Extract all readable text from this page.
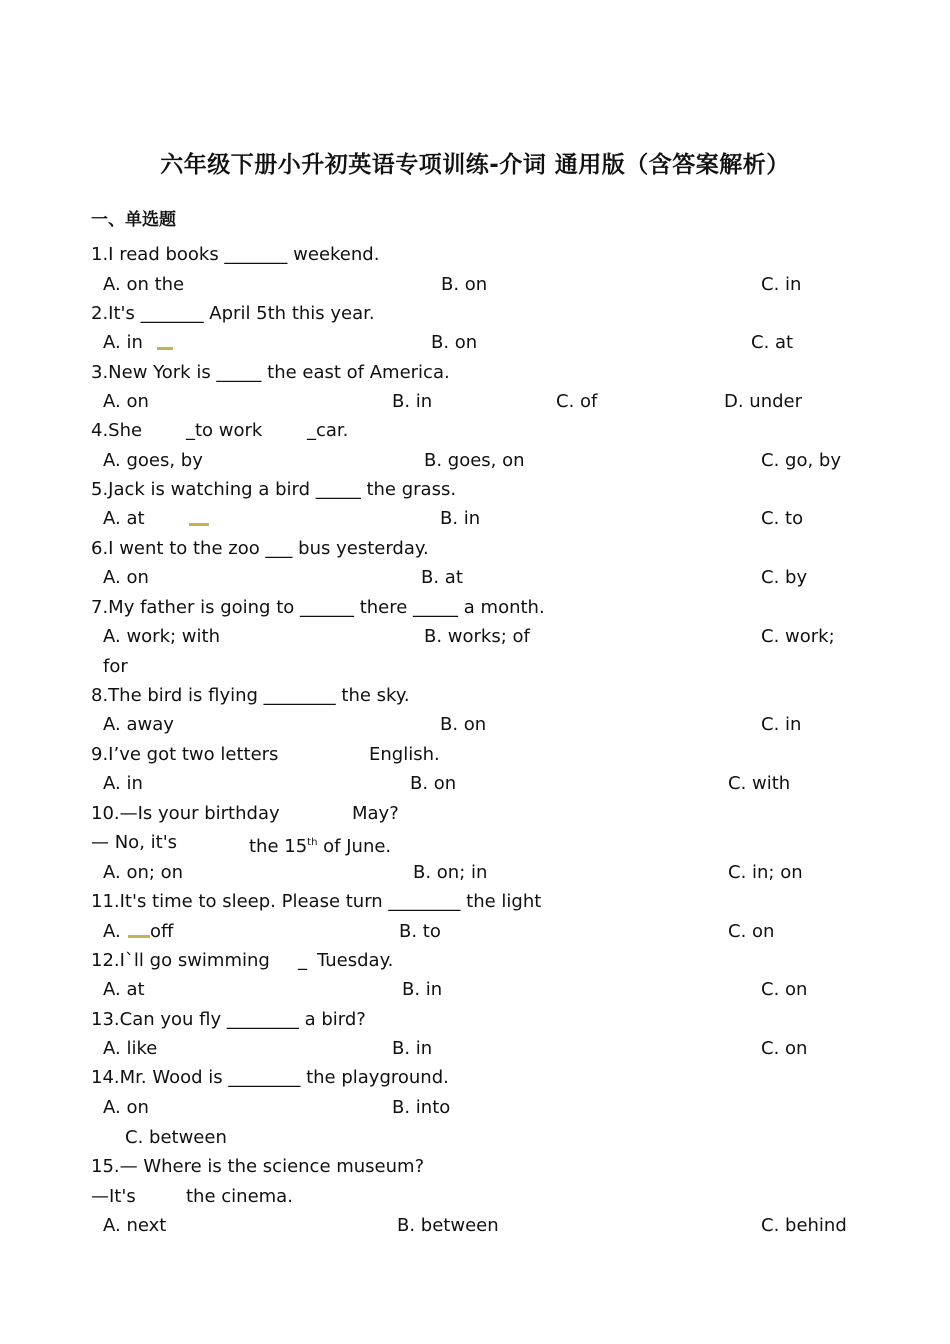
六年级下册小升初英语专项训练-介词 通用版（含答案解析）
一、单选题
1.I read books _______ weekend.
A. on the	B. on	C. in
2.It's _______ April 5th this year.
A. in	B. on	C. at
3.New York is _____ the east of America.
A. on	B. in	C. of	D. under
4.She _to work _car.
A. goes, by	B. goes, on	C. go, by
5.Jack is watching a bird _____ the grass.
A. at	B. in	C. to
6.I went to the zoo ___ bus yesterday.
A. on	B. at	C. by
7.My father is going to ______ there _____ a month.
A. work; with	B. works; of	C. work;
for
8.The bird is flying ________ the sky.
A. away	B. on	C. in
9.I’ve got two letters	English.
A. in	B. on	C. with
10.—Is your birthday	May?
— No, it's	the 15th of June.
A. on; on	B. on; in	C. in; on
11.It's time to sleep. Please turn ________ the light
A. off	B. to	C. on
12.I`ll go swimming _ Tuesday.
A. at	B. in	C. on
13.Can you fly ________ a bird?
A. like	B. in	C. on
14.Mr. Wood is ________ the playground.
A. on	B. into
C. between
15.— Where is the science museum?
—It's	the cinema.
A. next	B. between	C. behind
